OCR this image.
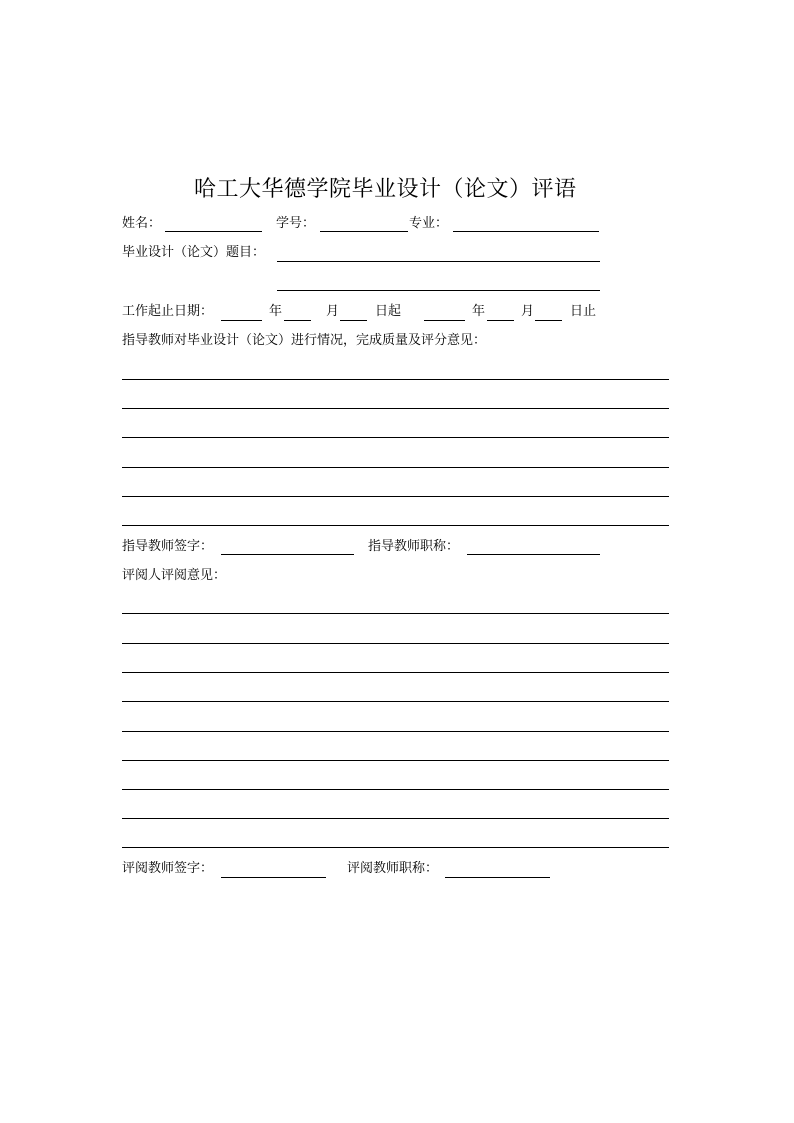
哈工大华德学院毕业设计（论文）评语
姓名：	学号：	专业：
毕业设计（论文）题目：
工作起止日期：	年	月	日起	年	月	日止
指导教师对毕业设计（论文）进行情况，完成质量及评分意见：
指导教师签字：	指导教师职称：
评阅人评阅意见：
评阅教师签字：	评阅教师职称：
